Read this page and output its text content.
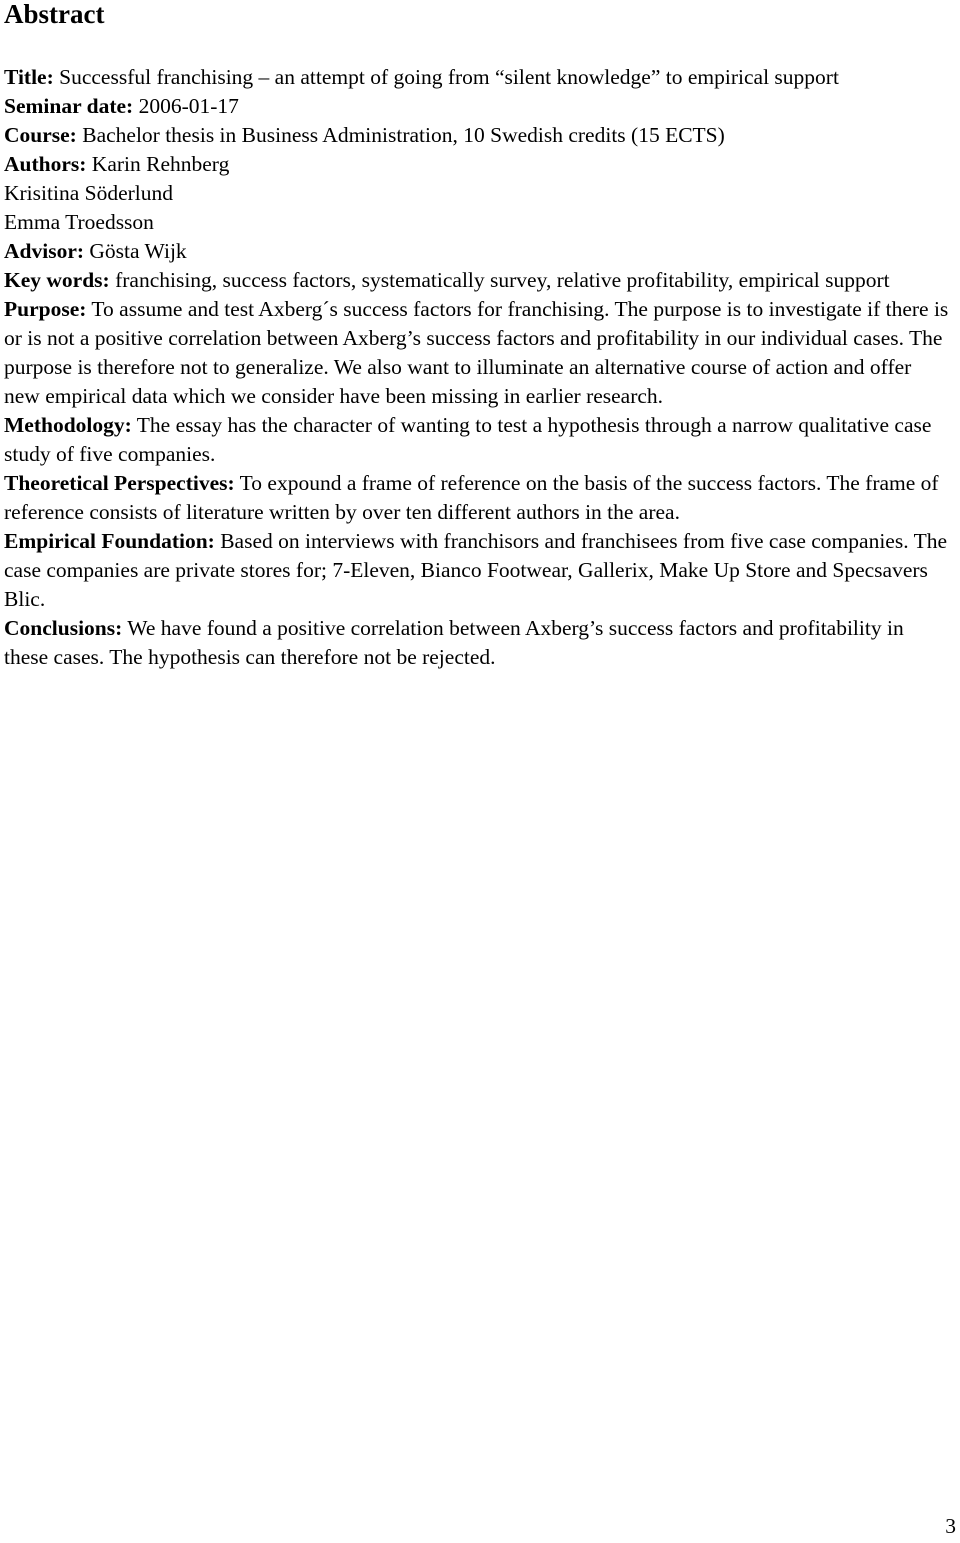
Abstract

Title: Successful franchising – an attempt of going from “silent knowledge” to empirical support

Seminar date: 2006-01-17

Course: Bachelor thesis in Business Administration, 10 Swedish credits (15 ECTS)

Authors: Karin Rehnberg
Krisitina Söderlund
Emma Troedsson

Advisor: Gösta Wijk

Key words: franchising, success factors, systematically survey, relative profitability, empirical support

Purpose: To assume and test Axberg´s success factors for franchising. The purpose is to investigate if there is or is not a positive correlation between Axberg’s success factors and profitability in our individual cases. The purpose is therefore not to generalize. We also want to illuminate an alternative course of action and offer new empirical data which we consider have been missing in earlier research.

Methodology: The essay has the character of wanting to test a hypothesis through a narrow qualitative case study of five companies.

Theoretical Perspectives: To expound a frame of reference on the basis of the success factors. The frame of reference consists of literature written by over ten different authors in the area.

Empirical Foundation: Based on interviews with franchisors and franchisees from five case companies. The case companies are private stores for; 7-Eleven, Bianco Footwear, Gallerix, Make Up Store and Specsavers Blic.

Conclusions: We have found a positive correlation between Axberg’s success factors and profitability in these cases. The hypothesis can therefore not be rejected.

3
